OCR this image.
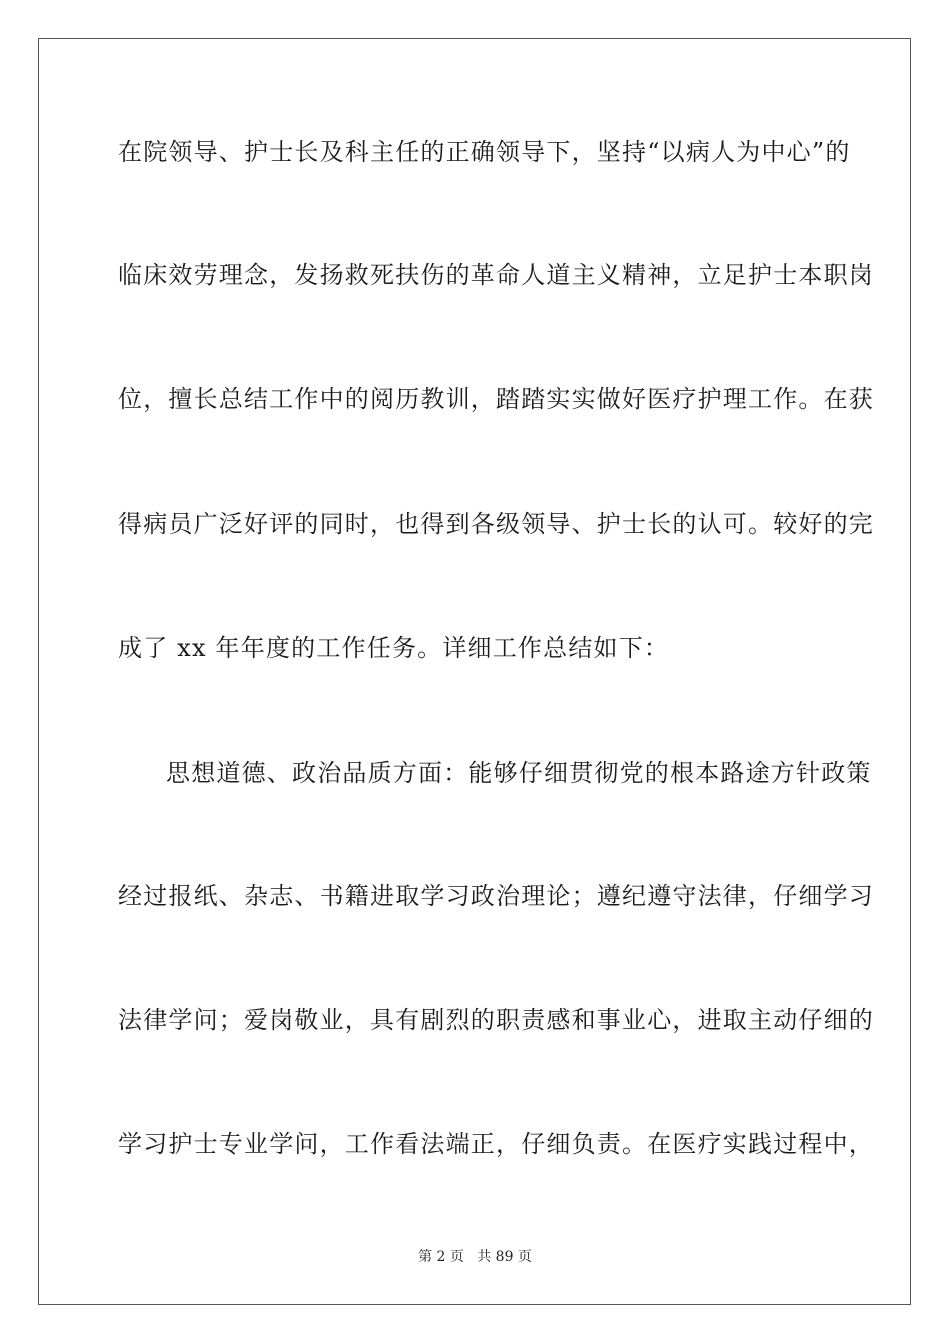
在院领导、护士长及科主任的正确领导下，坚持“以病人为中心”的
临床效劳理念，发扬救死扶伤的革命人道主义精神，立足护士本职岗
位，擅长总结工作中的阅历教训，踏踏实实做好医疗护理工作。在获
得病员广泛好评的同时，也得到各级领导、护士长的认可。较好的完
成了 xx 年年度的工作任务。详细工作总结如下：
思想道德、政治品质方面：能够仔细贯彻党的根本路途方针政策
经过报纸、杂志、书籍进取学习政治理论；遵纪遵守法律，仔细学习
法律学问；爱岗敬业，具有剧烈的职责感和事业心，进取主动仔细的
学习护士专业学问，工作看法端正，仔细负责。在医疗实践过程中，
第 2 页   共 89 页
